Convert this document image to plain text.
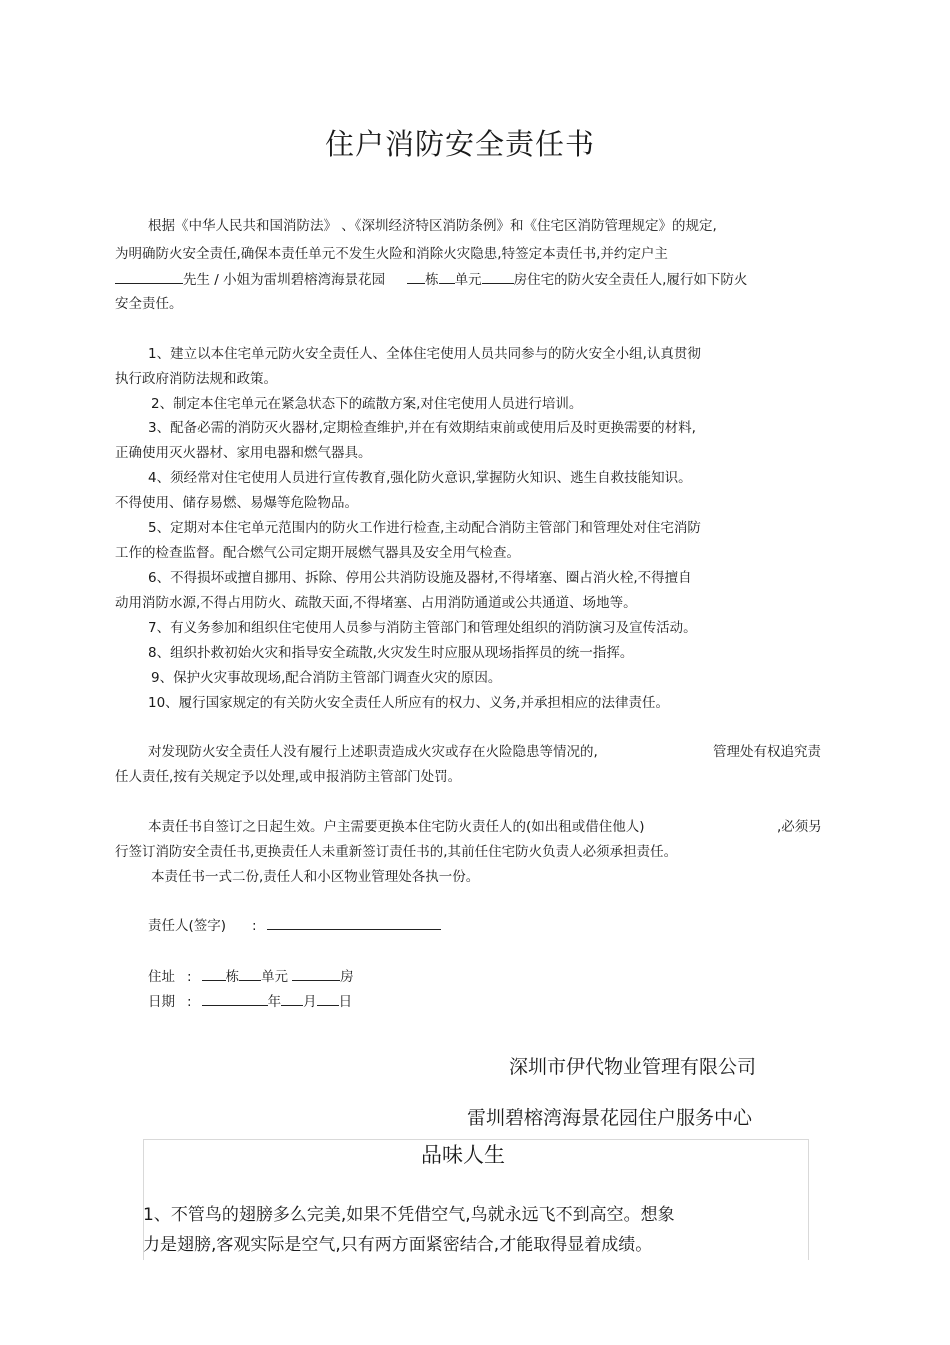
住户消防安全责任书
根据《中华人民共和国消防法》 、《深圳经济特区消防条例》和《住宅区消防管理规定》的规定,
为明确防火安全责任,确保本责任单元不发生火险和消除火灾隐患,特签定本责任书,并约定户主
先生 / 小姐为雷圳碧榕湾海景花园	栋 单元 房住宅的防火安全责任人,履行如下防火
安全责任。
1、建立以本住宅单元防火安全责任人、全体住宅使用人员共同参与的防火安全小组,认真贯彻
执行政府消防法规和政策。
2、制定本住宅单元在紧急状态下的疏散方案,对住宅使用人员进行培训。
3、配备必需的消防灭火器材,定期检查维护,并在有效期结束前或使用后及时更换需要的材料,
正确使用灭火器材、家用电器和燃气器具。
4、须经常对住宅使用人员进行宣传教育,强化防火意识,掌握防火知识、逃生自救技能知识。
不得使用、储存易燃、易爆等危险物品。
5、定期对本住宅单元范围内的防火工作进行检查,主动配合消防主管部门和管理处对住宅消防
工作的检查监督。配合燃气公司定期开展燃气器具及安全用气检查。
6、不得损坏或擅自挪用、拆除、停用公共消防设施及器材,不得堵塞、圈占消火栓,不得擅自
动用消防水源,不得占用防火、疏散天面,不得堵塞、占用消防通道或公共通道、场地等。
7、有义务参加和组织住宅使用人员参与消防主管部门和管理处组织的消防演习及宣传活动。
8、组织扑救初始火灾和指导安全疏散,火灾发生时应服从现场指挥员的统一指挥。
9、保护火灾事故现场,配合消防主管部门调查火灾的原因。
10、履行国家规定的有关防火安全责任人所应有的权力、义务,并承担相应的法律责任。
对发现防火安全责任人没有履行上述职责造成火灾或存在火险隐患等情况的,	管理处有权追究责
任人责任,按有关规定予以处理,或申报消防主管部门处罚。
本责任书自签订之日起生效。户主需要更换本住宅防火责任人的(如出租或借住他人)	,必须另
行签订消防安全责任书,更换责任人未重新签订责任书的,其前任住宅防火负责人必须承担责任。
本责任书一式二份,责任人和小区物业管理处各执一份。
责任人(签字) :
住址 :	栋 单元	房
日期 :	年 月 日
深圳市伊代物业管理有限公司
雷圳碧榕湾海景花园住户服务中心
品味人生
1、不管鸟的翅膀多么完美,如果不凭借空气,鸟就永远飞不到高空。想象
力是翅膀,客观实际是空气,只有两方面紧密结合,才能取得显着成绩。
